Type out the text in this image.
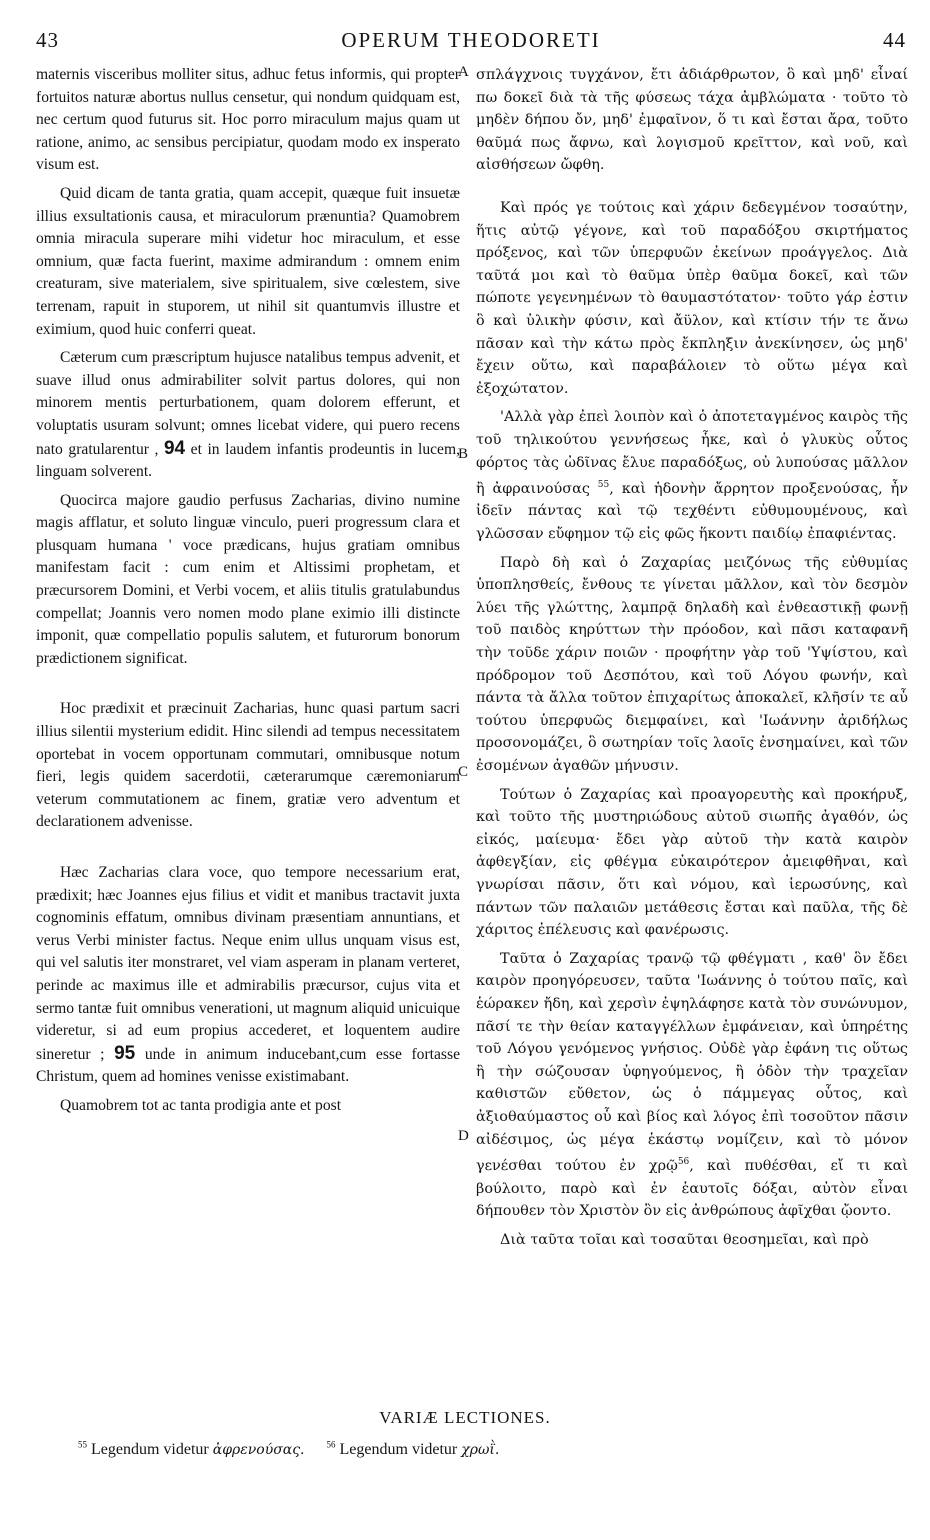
43	OPERUM THEODORETI	44

maternis visceribus molliter situs, adhuc fetus informis, qui propter fortuitos naturæ abortus nullus censetur, qui nondum quidquam est, nec certum quod futurus sit. Hoc porro miraculum majus quam ut ratione, animo, ac sensibus percipiatur, quodam modo ex insperato visum est.

Quid dicam de tanta gratia, quam accepit, quæque fuit insuetæ illius exsultationis causa, et miraculorum prænuntia? Quamobrem omnia miracula superare mihi videtur hoc miraculum, et esse omnium, quæ facta fuerint, maxime admirandum : omnem enim creaturam, sive materialem, sive spiritualem, sive cœlestem, sive terrenam, rapuit in stuporem, ut nihil sit quantumvis illustre et eximium, quod huic conferri queat.

Cæterum cum præscriptum hujusce natalibus tempus advenit, et suave illud onus admirabiliter solvit partus dolores, qui non minorem mentis perturbationem, quam dolorem efferunt, et voluptatis usuram solvunt; omnes licebat videre, qui puero recens nato gratularentur , 94 et in laudem infantis prodeuntis in lucem, linguam solverent.

Quocirca majore gaudio perfusus Zacharias, divino numine magis afflatur, et soluto linguæ vinculo, pueri progressum clara et plusquam humana ' voce prædicans, hujus gratiam omnibus manifestam facit : cum enim et Altissimi prophetam, et præcursorem Domini, et Verbi vocem, et aliis titulis gratulabundus compellat; Joannis vero nomen modo plane eximio illi distincte imponit, quæ compellatio populis salutem, et futurorum bonorum prædictionem significat.

Hoc prædixit et præcinuit Zacharias, hunc quasi partum sacri illius silentii mysterium edidit. Hinc silendi ad tempus necessitatem oportebat in vocem opportunam commutari, omnibusque notum fieri, legis quidem sacerdotii, cæterarumque cæremoniarum veterum commutationem ac finem, gratiæ vero adventum et declarationem advenisse.

Hæc Zacharias clara voce, quo tempore necessarium erat, prædixit; hæc Joannes ejus filius et vidit et manibus tractavit juxta cognominis effatum, omnibus divinam præsentiam annuntians, et verus Verbi minister factus. Neque enim ullus unquam visus est, qui vel salutis iter monstraret, vel viam asperam in planam verteret, perinde ac maximus ille et admirabilis præcursor, cujus vita et sermo tantæ fuit omnibus venerationi, ut magnum aliquid unicuique videretur, si ad eum propius accederet, et loquentem audire sineretur ; 95 unde in animum inducebant,cum esse fortasse Christum, quem ad homines venisse existimabant.

Quamobrem tot ac tanta prodigia ante et post

A
B
C
D

σπλάγχνοις τυγχάνον, ἔτι ἀδιάρθρωτον, ὃ καὶ μηδ' εἶναί πω δοκεῖ διὰ τὰ τῆς φύσεως τάχα ἀμβλώματα · τοῦτο τὸ μηδὲν δήπου ὄν, μηδ' ἐμφαῖνον, ὅ τι καὶ ἔσται ἄρα, τοῦτο θαῦμά πως ἄφνω, καὶ λογισμοῦ κρεῖττον, καὶ νοῦ, καὶ αἰσθήσεων ὤφθη.

Καὶ πρός γε τούτοις καὶ χάριν δεδεγμένον τοσαύτην, ἥτις αὐτῷ γέγονε, καὶ τοῦ παραδόξου σκιρτήματος πρόξενος, καὶ τῶν ὑπερφυῶν ἐκείνων προάγγελος. Διὰ ταῦτά μοι καὶ τὸ θαῦμα ὑπὲρ θαῦμα δοκεῖ, καὶ τῶν πώποτε γεγενημένων τὸ θαυμαστότατον· τοῦτο γάρ ἐστιν ὃ καὶ ὑλικὴν φύσιν, καὶ ἄϋλον, καὶ κτίσιν τήν τε ἄνω πᾶσαν καὶ τὴν κάτω πρὸς ἔκπληξιν ἀνεκίνησεν, ὡς μηδ' ἔχειν οὕτω, καὶ παραβάλοιεν τὸ οὕτω μέγα καὶ ἐξοχώτατον.

'Αλλὰ γὰρ ἐπεὶ λοιπὸν καὶ ὁ ἀποτεταγμένος καιρὸς τῆς τοῦ τηλικούτου γεννήσεως ἧκε, καὶ ὁ γλυκὺς οὗτος φόρτος τὰς ὠδῖνας ἔλυε παραδόξως, οὐ λυπούσας μᾶλλον ἢ ἀφραινούσας $^{55}$, καὶ ἡδονὴν ἄρρητον προξενούσας, ἦν ἰδεῖν πάντας καὶ τῷ τεχθέντι εὐθυμουμένους, καὶ γλῶσσαν εὔφημον τῷ εἰς φῶς ἥκοντι παιδίῳ ἐπαφιέντας.

Παρὸ δὴ καὶ ὁ Ζαχαρίας μειζόνως τῆς εὐθυμίας ὑποπλησθείς, ἔνθους τε γίνεται μᾶλλον, καὶ τὸν δεσμὸν λύει τῆς γλώττης, λαμπρᾷ δηλαδὴ καὶ ἐνθεαστικῇ φωνῇ τοῦ παιδὸς κηρύττων τὴν πρόοδον, καὶ πᾶσι καταφανῆ τὴν τοῦδε χάριν ποιῶν · προφήτην γὰρ τοῦ 'Υψίστου, καὶ πρόδρομον τοῦ Δεσπότου, καὶ τοῦ Λόγου φωνήν, καὶ πάντα τὰ ἄλλα τοῦτον ἐπιχαρίτως ἀποκαλεῖ, κλῆσίν τε αὖ τούτου ὑπερφυῶς διεμφαίνει, καὶ 'Ιωάννην ἀριδήλως προσονομάζει, ὃ σωτηρίαν τοῖς λαοῖς ἐνσημαίνει, καὶ τῶν ἐσομένων ἀγαθῶν μήνυσιν.

Τούτων ὁ Ζαχαρίας καὶ προαγορευτὴς καὶ προκήρυξ, καὶ τοῦτο τῆς μυστηριώδους αὐτοῦ σιωπῆς ἀγαθόν, ὡς εἰκός, μαίευμα· ἔδει γὰρ αὐτοῦ τὴν κατὰ καιρὸν ἀφθεγξίαν, εἰς φθέγμα εὐκαιρότερον ἀμειφθῆναι, καὶ γνωρίσαι πᾶσιν, ὅτι καὶ νόμου, καὶ ἱερωσύνης, καὶ πάντων τῶν παλαιῶν μετάθεσις ἔσται καὶ παῦλα, τῆς δὲ χάριτος ἐπέλευσις καὶ φανέρωσις.

Ταῦτα ὁ Ζαχαρίας τρανῷ τῷ φθέγματι , καθ' ὃν ἔδει καιρὸν προηγόρευσεν, ταῦτα 'Ιωάννης ὁ τούτου παῖς, καὶ ἑώρακεν ἤδη, καὶ χερσὶν ἐψηλάφησε κατὰ τὸν συνώνυμον, πᾶσί τε τὴν θείαν καταγγέλλων ἐμφάνειαν, καὶ ὑπηρέτης τοῦ Λόγου γενόμενος γνήσιος. Οὐδὲ γὰρ ἐφάνη τις οὕτως ἢ τὴν σώζουσαν ὑφηγούμενος, ἢ ὁδὸν τὴν τραχεῖαν καθιστῶν εὔθετον, ὡς ὁ πάμμεγας οὗτος, καὶ ἀξιοθαύμαστος οὗ καὶ βίος καὶ λόγος ἐπὶ τοσοῦτον πᾶσιν αἰδέσιμος, ὡς μέγα ἑκάστῳ νομίζειν, καὶ τὸ μόνον γενέσθαι τούτου ἐν χρῷ$^{56}$, καὶ πυθέσθαι, εἴ τι καὶ βούλοιτο, παρὸ καὶ ἐν ἑαυτοῖς δόξαι, αὐτὸν εἶναι δήπουθεν τὸν Χριστὸν ὂν εἰς ἀνθρώπους ἀφῖχθαι ᾤοντο.

Διὰ ταῦτα τοῖαι καὶ τοσαῦται θεοσημεῖαι, καὶ πρὸ

VARIÆ LECTIONES.
$^{55}$ Legendum videtur ἀφρενούσας. $^{56}$ Legendum videtur χρωῒ.
